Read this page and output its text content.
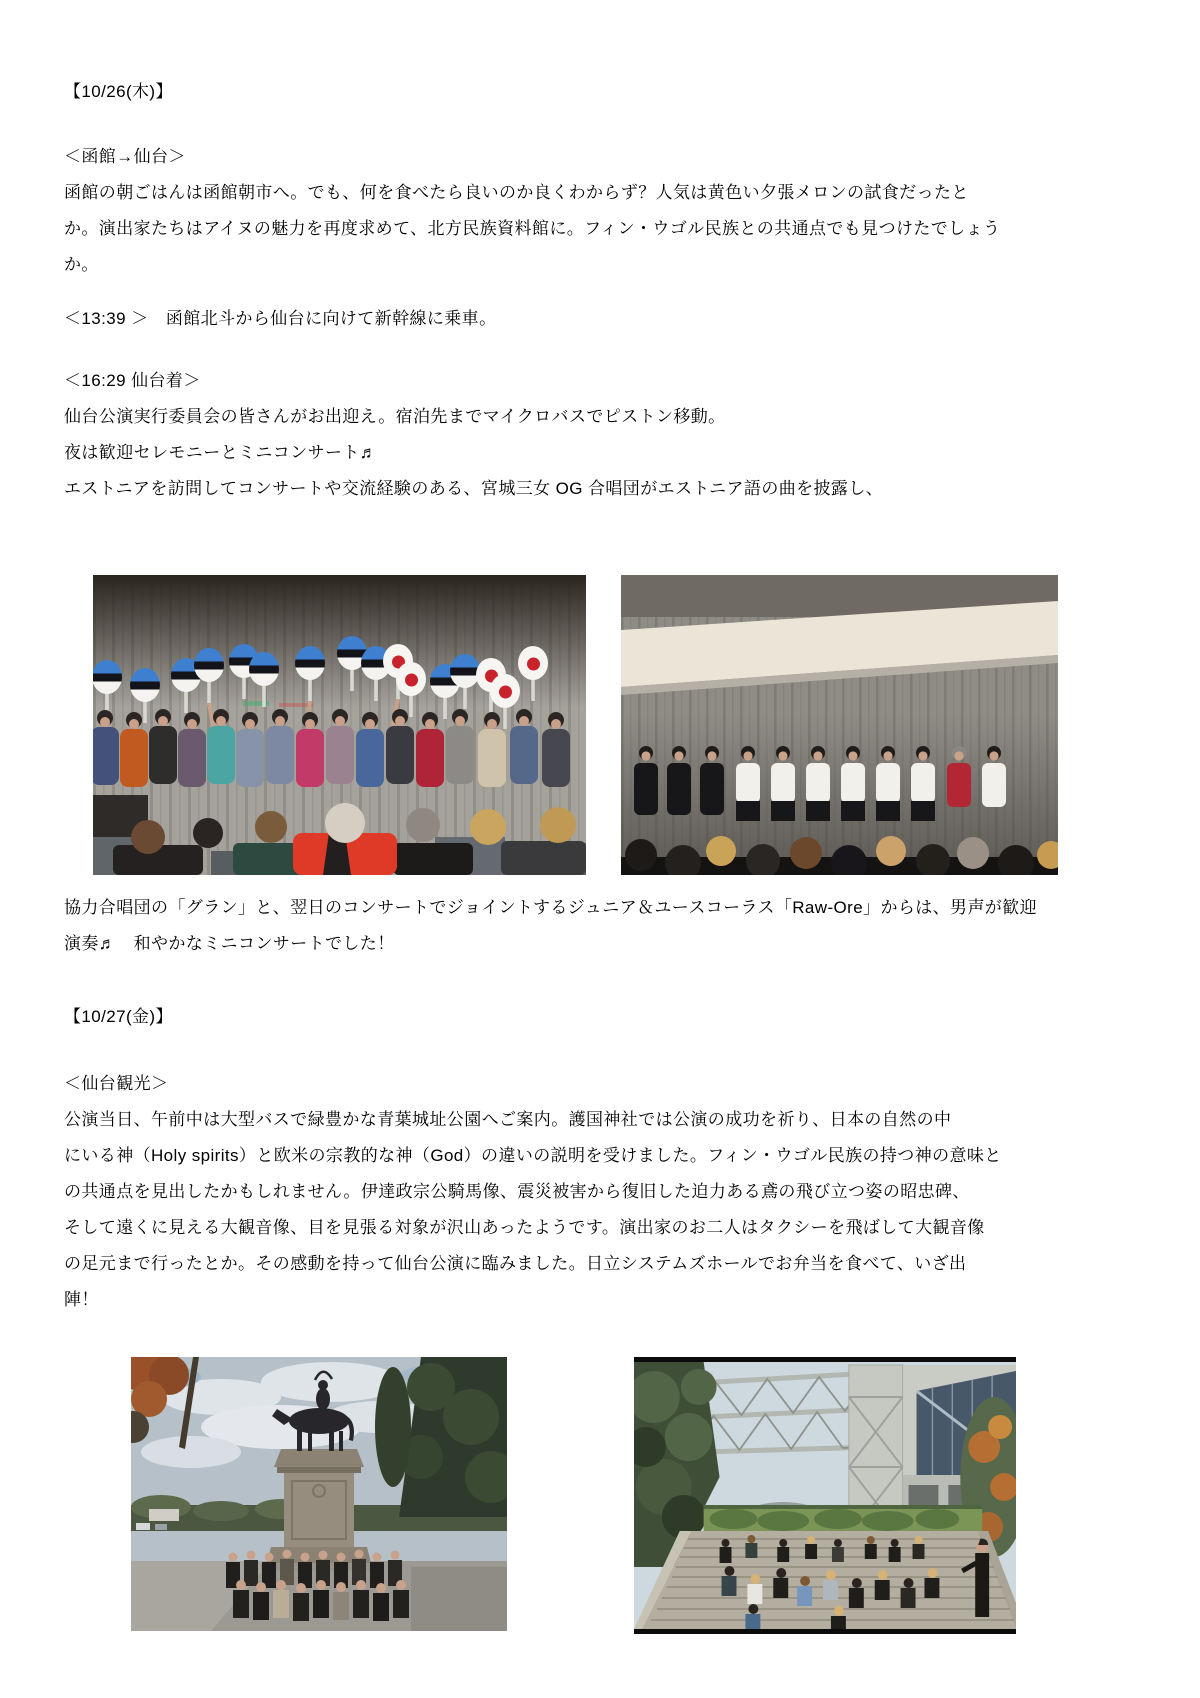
【10/26(木)】
＜函館→仙台＞
函館の朝ごはんは函館朝市へ。でも、何を食べたら良いのか良くわからず？人気は黄色い夕張メロンの試食だったと
か。演出家たちはアイヌの魅力を再度求めて、北方民族資料館に。フィン・ウゴル民族との共通点でも見つけたでしょう
か。
＜13:39 ＞　函館北斗から仙台に向けて新幹線に乗車。
＜16:29 仙台着＞
仙台公演実行委員会の皆さんがお出迎え。宿泊先までマイクロバスでピストン移動。
夜は歓迎セレモニーとミニコンサート♬
エストニアを訪問してコンサートや交流経験のある、宮城三女 OG 合唱団がエストニア語の曲を披露し、
協力合唱団の「グラン」と、翌日のコンサートでジョイントするジュニア＆ユースコーラス「Raw-Ore」からは、男声が歓迎
演奏♬　和やかなミニコンサートでした！
【10/27(金)】
＜仙台観光＞
公演当日、午前中は大型バスで緑豊かな青葉城址公園へご案内。護国神社では公演の成功を祈り、日本の自然の中
にいる神（Holy spirits）と欧米の宗教的な神（God）の違いの説明を受けました。フィン・ウゴル民族の持つ神の意味と
の共通点を見出したかもしれません。伊達政宗公騎馬像、震災被害から復旧した迫力ある鳶の飛び立つ姿の昭忠碑、
そして遠くに見える大観音像、目を見張る対象が沢山あったようです。演出家のお二人はタクシーを飛ばして大観音像
の足元まで行ったとか。その感動を持って仙台公演に臨みました。日立システムズホールでお弁当を食べて、いざ出
陣！
